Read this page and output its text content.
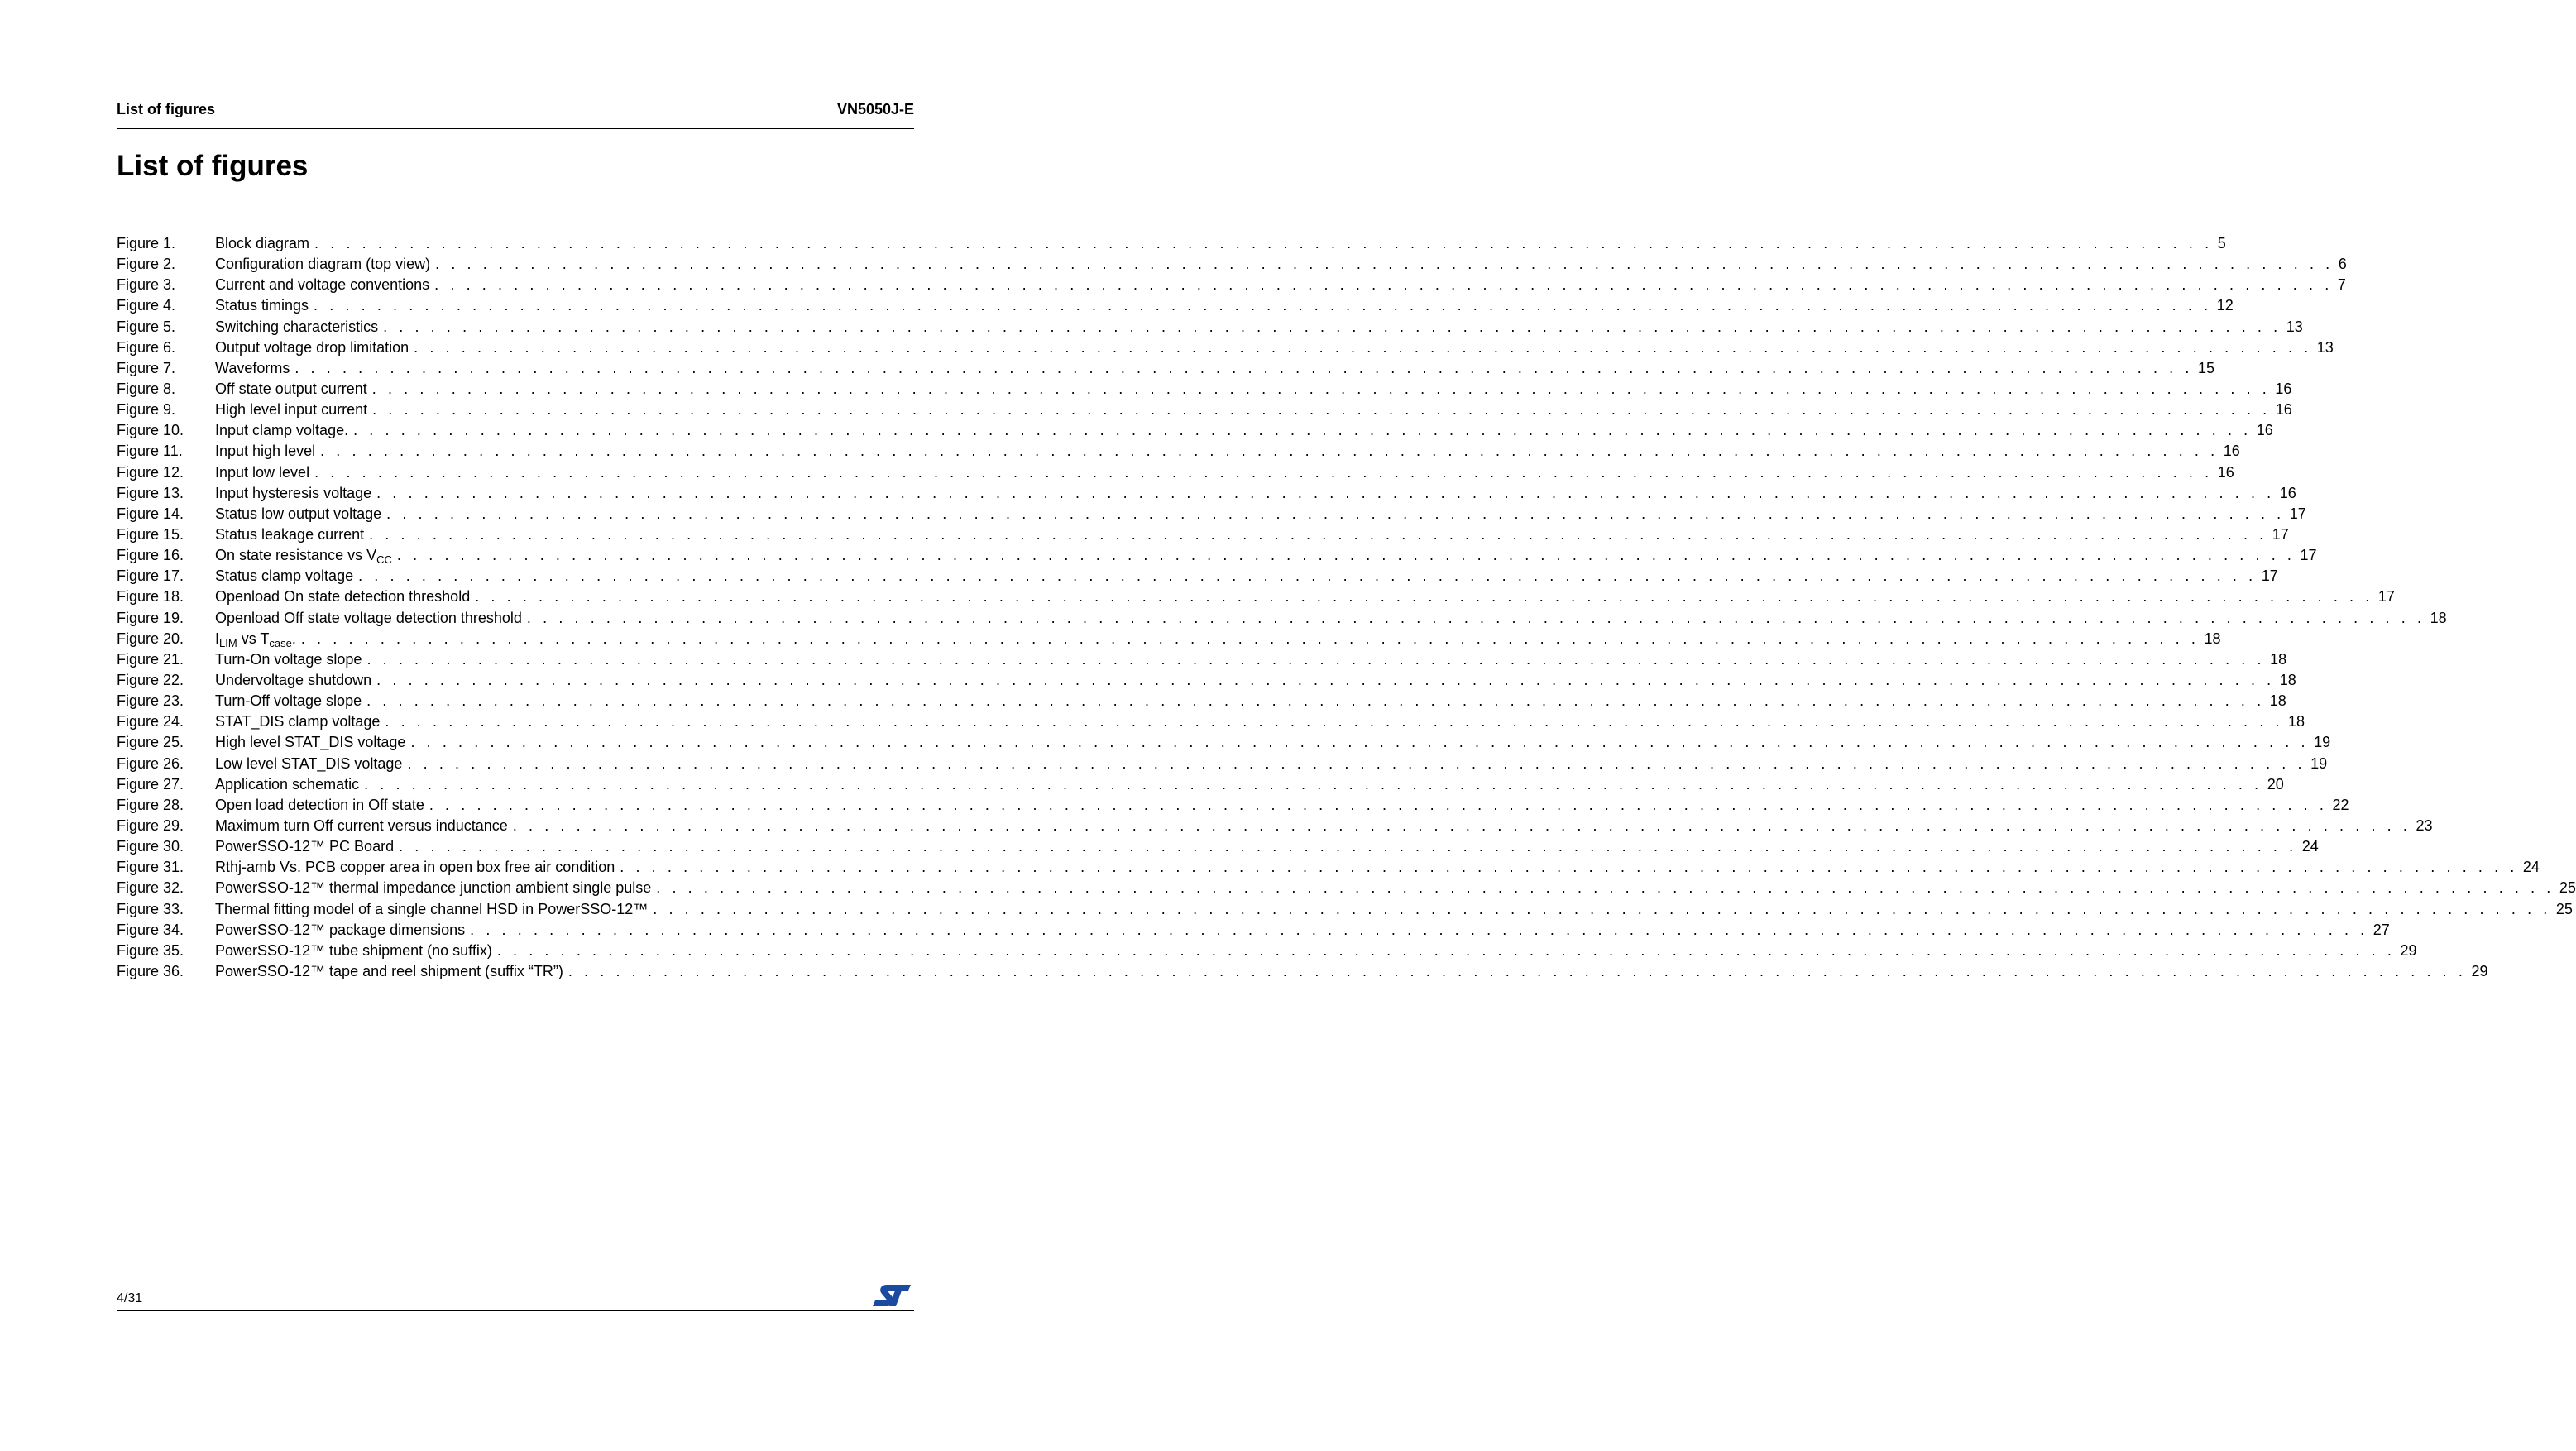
List of figures	VN5050J-E
List of figures
Figure 1.	Block diagram . . . . . . . . . . . . . . . . . . . . . . . . . . . . . . . . . . . . . . . . . . . . . . . . . . . . . . . . . . . . . . . . . . . . . . . . . . . . . . . . . . . . . . . . . . . . . . . . . . . . . . . . . . . . . . . . . . . . . . . . 5
Figure 2.	Configuration diagram (top view) . . . . . . . . . . . . . . . . . . . . . . . . . . . . . . . . . . . . . . . . . . . . . . . . . . . . . . . . . . . . . . . . . . . . . . . . . . . . . . . . . . . . . . . . . . . . . . . . . . . . . . . . . . . . . . . . . . . . . . . . 6
Figure 3.	Current and voltage conventions . . . . . . . . . . . . . . . . . . . . . . . . . . . . . . . . . . . . . . . . . . . . . . . . . . . . . . . . . . . . . . . . . . . . . . . . . . . . . . . . . . . . . . . . . . . . . . . . . . . . . . . . . . . . . . . . . . . . . . . . 7
Figure 4.	Status timings . . . . . . . . . . . . . . . . . . . . . . . . . . . . . . . . . . . . . . . . . . . . . . . . . . . . . . . . . . . . . . . . . . . . . . . . . . . . . . . . . . . . . . . . . . . . . . . . . . . . . . . . . . . . . . . . . . . . . . . . 12
Figure 5.	Switching characteristics . . . . . . . . . . . . . . . . . . . . . . . . . . . . . . . . . . . . . . . . . . . . . . . . . . . . . . . . . . . . . . . . . . . . . . . . . . . . . . . . . . . . . . . . . . . . . . . . . . . . . . . . . . . . . . . . . . . . . . . . 13
Figure 6.	Output voltage drop limitation . . . . . . . . . . . . . . . . . . . . . . . . . . . . . . . . . . . . . . . . . . . . . . . . . . . . . . . . . . . . . . . . . . . . . . . . . . . . . . . . . . . . . . . . . . . . . . . . . . . . . . . . . . . . . . . . . . . . . . . . 13
Figure 7.	Waveforms . . . . . . . . . . . . . . . . . . . . . . . . . . . . . . . . . . . . . . . . . . . . . . . . . . . . . . . . . . . . . . . . . . . . . . . . . . . . . . . . . . . . . . . . . . . . . . . . . . . . . . . . . . . . . . . . . . . . . . . . 15
Figure 8.	Off state output current . . . . . . . . . . . . . . . . . . . . . . . . . . . . . . . . . . . . . . . . . . . . . . . . . . . . . . . . . . . . . . . . . . . . . . . . . . . . . . . . . . . . . . . . . . . . . . . . . . . . . . . . . . . . . . . . . . . . . . . . 16
Figure 9.	High level input current . . . . . . . . . . . . . . . . . . . . . . . . . . . . . . . . . . . . . . . . . . . . . . . . . . . . . . . . . . . . . . . . . . . . . . . . . . . . . . . . . . . . . . . . . . . . . . . . . . . . . . . . . . . . . . . . . . . . . . . . 16
Figure 10. Input clamp voltage. . . . . . . . . . . . . . . . . . . . . . . . . . . . . . . . . . . . . . . . . . . . . . . . . . . . . . . . . . . . . . . . . . . . . . . . . . . . . . . . . . . . . . . . . . . . . . . . . . . . . . . . . . . . . . . . . . . . . . . . . 16
Figure 11. Input high level . . . . . . . . . . . . . . . . . . . . . . . . . . . . . . . . . . . . . . . . . . . . . . . . . . . . . . . . . . . . . . . . . . . . . . . . . . . . . . . . . . . . . . . . . . . . . . . . . . . . . . . . . . . . . . . . . . . . . . . . 16
Figure 12. Input low level . . . . . . . . . . . . . . . . . . . . . . . . . . . . . . . . . . . . . . . . . . . . . . . . . . . . . . . . . . . . . . . . . . . . . . . . . . . . . . . . . . . . . . . . . . . . . . . . . . . . . . . . . . . . . . . . . . . . . . . . 16
Figure 13. Input hysteresis voltage . . . . . . . . . . . . . . . . . . . . . . . . . . . . . . . . . . . . . . . . . . . . . . . . . . . . . . . . . . . . . . . . . . . . . . . . . . . . . . . . . . . . . . . . . . . . . . . . . . . . . . . . . . . . . . . . . . . . . . . . 16
Figure 14. Status low output voltage . . . . . . . . . . . . . . . . . . . . . . . . . . . . . . . . . . . . . . . . . . . . . . . . . . . . . . . . . . . . . . . . . . . . . . . . . . . . . . . . . . . . . . . . . . . . . . . . . . . . . . . . . . . . . . . . . . . . . . . . 17
Figure 15. Status leakage current . . . . . . . . . . . . . . . . . . . . . . . . . . . . . . . . . . . . . . . . . . . . . . . . . . . . . . . . . . . . . . . . . . . . . . . . . . . . . . . . . . . . . . . . . . . . . . . . . . . . . . . . . . . . . . . . . . . . . . . . 17
Figure 16. On state resistance vs $V_{CC}$ . . . . . . . . . . . . . . . . . . . . . . . . . . . . . . . . . . . . . . . . . . . . . . . . . . . . . . . . . . . . . . . . . . . . . . . . . . . . . . . . . . . . . . . . . . . . . . . . . . . . . . . . . . . . . . . . . . . . . . . . 17
Figure 17. Status clamp voltage . . . . . . . . . . . . . . . . . . . . . . . . . . . . . . . . . . . . . . . . . . . . . . . . . . . . . . . . . . . . . . . . . . . . . . . . . . . . . . . . . . . . . . . . . . . . . . . . . . . . . . . . . . . . . . . . . . . . . . . . 17
Figure 18. Openload On state detection threshold . . . . . . . . . . . . . . . . . . . . . . . . . . . . . . . . . . . . . . . . . . . . . . . . . . . . . . . . . . . . . . . . . . . . . . . . . . . . . . . . . . . . . . . . . . . . . . . . . . . . . . . . . . . . . . . . . . . . . . . . 17
Figure 19. Openload Off state voltage detection threshold . . . . . . . . . . . . . . . . . . . . . . . . . . . . . . . . . . . . . . . . . . . . . . . . . . . . . . . . . . . . . . . . . . . . . . . . . . . . . . . . . . . . . . . . . . . . . . . . . . . . . . . . . . . . . . . . . . . . . . . . 18
Figure 20. $I_{LIM}$ vs $T_{case}$. . . . . . . . . . . . . . . . . . . . . . . . . . . . . . . . . . . . . . . . . . . . . . . . . . . . . . . . . . . . . . . . . . . . . . . . . . . . . . . . . . . . . . . . . . . . . . . . . . . . . . . . . . . . . . . . . . . . . . . . . 18
Figure 21. Turn-On voltage slope . . . . . . . . . . . . . . . . . . . . . . . . . . . . . . . . . . . . . . . . . . . . . . . . . . . . . . . . . . . . . . . . . . . . . . . . . . . . . . . . . . . . . . . . . . . . . . . . . . . . . . . . . . . . . . . . . . . . . . . . 18
Figure 22. Undervoltage shutdown . . . . . . . . . . . . . . . . . . . . . . . . . . . . . . . . . . . . . . . . . . . . . . . . . . . . . . . . . . . . . . . . . . . . . . . . . . . . . . . . . . . . . . . . . . . . . . . . . . . . . . . . . . . . . . . . . . . . . . . . 18
Figure 23. Turn-Off voltage slope . . . . . . . . . . . . . . . . . . . . . . . . . . . . . . . . . . . . . . . . . . . . . . . . . . . . . . . . . . . . . . . . . . . . . . . . . . . . . . . . . . . . . . . . . . . . . . . . . . . . . . . . . . . . . . . . . . . . . . . . 18
Figure 24. STAT_DIS clamp voltage . . . . . . . . . . . . . . . . . . . . . . . . . . . . . . . . . . . . . . . . . . . . . . . . . . . . . . . . . . . . . . . . . . . . . . . . . . . . . . . . . . . . . . . . . . . . . . . . . . . . . . . . . . . . . . . . . . . . . . . . 18
Figure 25. High level STAT_DIS voltage . . . . . . . . . . . . . . . . . . . . . . . . . . . . . . . . . . . . . . . . . . . . . . . . . . . . . . . . . . . . . . . . . . . . . . . . . . . . . . . . . . . . . . . . . . . . . . . . . . . . . . . . . . . . . . . . . . . . . . . . 19
Figure 26. Low level STAT_DIS voltage . . . . . . . . . . . . . . . . . . . . . . . . . . . . . . . . . . . . . . . . . . . . . . . . . . . . . . . . . . . . . . . . . . . . . . . . . . . . . . . . . . . . . . . . . . . . . . . . . . . . . . . . . . . . . . . . . . . . . . . . 19
Figure 27. Application schematic . . . . . . . . . . . . . . . . . . . . . . . . . . . . . . . . . . . . . . . . . . . . . . . . . . . . . . . . . . . . . . . . . . . . . . . . . . . . . . . . . . . . . . . . . . . . . . . . . . . . . . . . . . . . . . . . . . . . . . . . 20
Figure 28. Open load detection in Off state . . . . . . . . . . . . . . . . . . . . . . . . . . . . . . . . . . . . . . . . . . . . . . . . . . . . . . . . . . . . . . . . . . . . . . . . . . . . . . . . . . . . . . . . . . . . . . . . . . . . . . . . . . . . . . . . . . . . . . . . 22
Figure 29. Maximum turn Off current versus inductance . . . . . . . . . . . . . . . . . . . . . . . . . . . . . . . . . . . . . . . . . . . . . . . . . . . . . . . . . . . . . . . . . . . . . . . . . . . . . . . . . . . . . . . . . . . . . . . . . . . . . . . . . . . . . . . . . . . . . . . . 23
Figure 30. PowerSSO-12™ PC Board . . . . . . . . . . . . . . . . . . . . . . . . . . . . . . . . . . . . . . . . . . . . . . . . . . . . . . . . . . . . . . . . . . . . . . . . . . . . . . . . . . . . . . . . . . . . . . . . . . . . . . . . . . . . . . . . . . . . . . . . 24
Figure 31. Rthj-amb Vs. PCB copper area in open box free air condition . . . . . . . . . . . . . . . . . . . . . . . . . . . . . . . . . . . . . . . . . . . . . . . . . . . . . . . . . . . . . . . . . . . . . . . . . . . . . . . . . . . . . . . . . . . . . . . . . . . . . . . . . . . . . . . . . . . . . . . . 24
Figure 32. PowerSSO-12™ thermal impedance junction ambient single pulse . . . . . . . . . . . . . . . . . . . . . . . . . . . . . . . . . . . . . . . . . . . . . . . . . . . . . . . . . . . . . . . . . . . . . . . . . . . . . . . . . . . . . . . . . . . . . . . . . . . . . . . . . . . . . . . . . . . . . . . . 25
Figure 33. Thermal fitting model of a single channel HSD in PowerSSO-12™ . . . . . . . . . . . . . . . . . . . . . . . . . . . . . . . . . . . . . . . . . . . . . . . . . . . . . . . . . . . . . . . . . . . . . . . . . . . . . . . . . . . . . . . . . . . . . . . . . . . . . . . . . . . . . . . . . . . . . . . . 25
Figure 34. PowerSSO-12™ package dimensions . . . . . . . . . . . . . . . . . . . . . . . . . . . . . . . . . . . . . . . . . . . . . . . . . . . . . . . . . . . . . . . . . . . . . . . . . . . . . . . . . . . . . . . . . . . . . . . . . . . . . . . . . . . . . . . . . . . . . . . . 27
Figure 35. PowerSSO-12™ tube shipment (no suffix) . . . . . . . . . . . . . . . . . . . . . . . . . . . . . . . . . . . . . . . . . . . . . . . . . . . . . . . . . . . . . . . . . . . . . . . . . . . . . . . . . . . . . . . . . . . . . . . . . . . . . . . . . . . . . . . . . . . . . . . . 29
Figure 36. PowerSSO-12™ tape and reel shipment (suffix “TR”) . . . . . . . . . . . . . . . . . . . . . . . . . . . . . . . . . . . . . . . . . . . . . . . . . . . . . . . . . . . . . . . . . . . . . . . . . . . . . . . . . . . . . . . . . . . . . . . . . . . . . . . . . . . . . . . . . . . . . . . . 29
4/31
